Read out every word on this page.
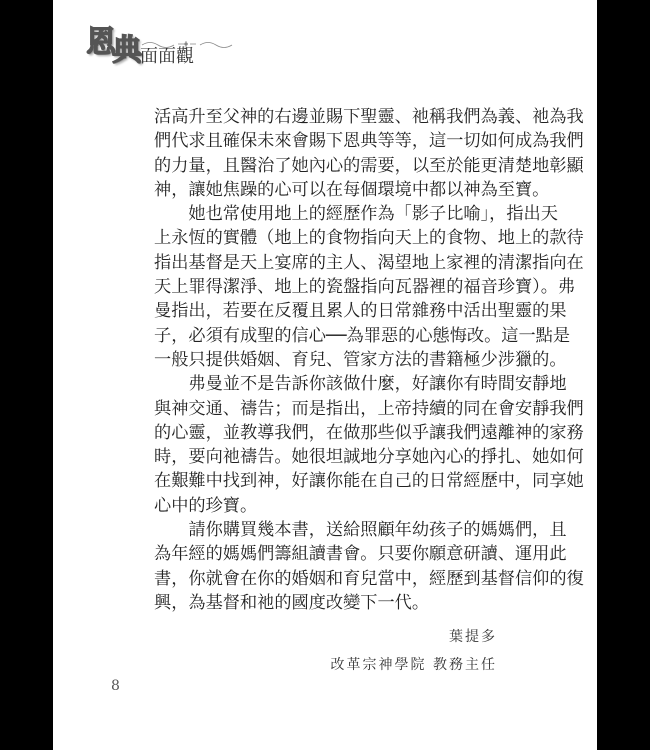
恩
典
面面觀
活高升至父神的右邊並賜下聖靈、祂稱我們為義、祂為我
們代求且確保未來會賜下恩典等等，這一切如何成為我們
的力量，且醫治了她內心的需要，以至於能更清楚地彰顯
神，讓她焦躁的心可以在每個環境中都以神為至寶。
她也常使用地上的經歷作為「影子比喻」，指出天
上永恆的實體（地上的食物指向天上的食物、地上的款待
指出基督是天上宴席的主人、渴望地上家裡的清潔指向在
天上罪得潔淨、地上的瓷盤指向瓦器裡的福音珍寶）。弗
曼指出，若要在反覆且累人的日常雜務中活出聖靈的果
子，必須有成聖的信心──為罪惡的心態悔改。這一點是
一般只提供婚姻、育兒、管家方法的書籍極少涉獵的。
弗曼並不是告訴你該做什麼，好讓你有時間安靜地
與神交通、禱告；而是指出，上帝持續的同在會安靜我們
的心靈，並教導我們，在做那些似乎讓我們遠離神的家務
時，要向祂禱告。她很坦誠地分享她內心的掙扎、她如何
在艱難中找到神，好讓你能在自己的日常經歷中，同享她
心中的珍寶。
請你購買幾本書，送給照顧年幼孩子的媽媽們，且
為年經的媽媽們籌組讀書會。只要你願意研讀、運用此
書，你就會在你的婚姻和育兒當中，經歷到基督信仰的復
興，為基督和祂的國度改變下一代。
葉提多
改革宗神學院 教務主任
8
